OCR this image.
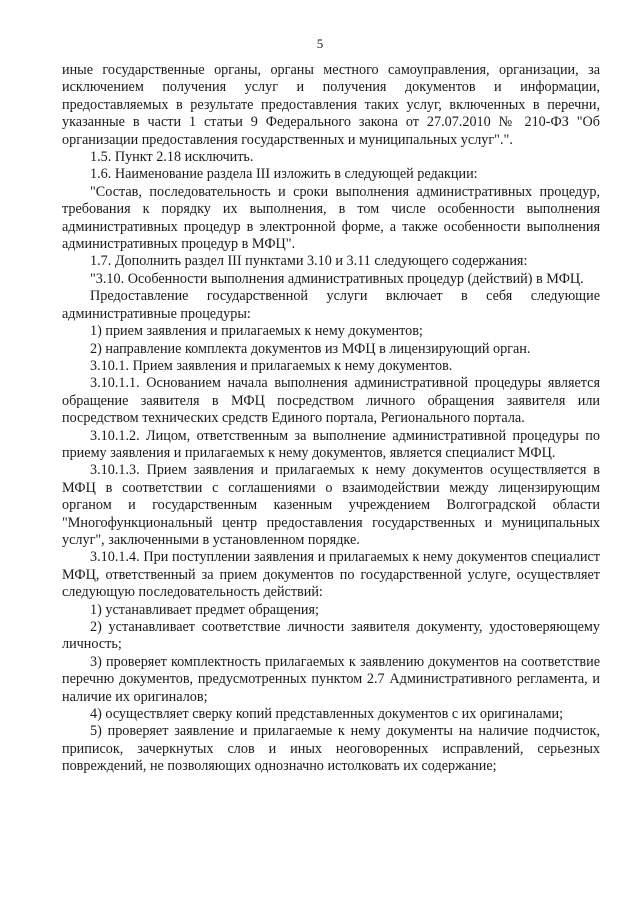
5

иные государственные органы, органы местного самоуправления, организации, за исключением получения услуг и получения документов и информации, предоставляемых в результате предоставления таких услуг, включенных в перечни, указанные в части 1 статьи 9 Федерального закона от 27.07.2010 № 210-ФЗ "Об организации предоставления государственных и муниципальных услуг".".

1.5. Пункт 2.18 исключить.

1.6. Наименование раздела III изложить в следующей редакции:

"Состав, последовательность и сроки выполнения административных процедур, требования к порядку их выполнения, в том числе особенности выполнения административных процедур в электронной форме, а также особенности выполнения административных процедур в МФЦ".

1.7. Дополнить раздел III пунктами 3.10 и 3.11 следующего содержания:

"3.10. Особенности выполнения административных процедур (действий) в МФЦ.

Предоставление государственной услуги включает в себя следующие административные процедуры:

1) прием заявления и прилагаемых к нему документов;

2) направление комплекта документов из МФЦ в лицензирующий орган.

3.10.1. Прием заявления и прилагаемых к нему документов.

3.10.1.1. Основанием начала выполнения административной процедуры является обращение заявителя в МФЦ посредством личного обращения заявителя или посредством технических средств Единого портала, Регионального портала.

3.10.1.2. Лицом, ответственным за выполнение административной процедуры по приему заявления и прилагаемых к нему документов, является специалист МФЦ.

3.10.1.3. Прием заявления и прилагаемых к нему документов осуществляется в МФЦ в соответствии с соглашениями о взаимодействии между лицензирующим органом и государственным казенным учреждением Волгоградской области "Многофункциональный центр предоставления государственных и муниципальных услуг", заключенными в установленном порядке.

3.10.1.4. При поступлении заявления и прилагаемых к нему документов специалист МФЦ, ответственный за прием документов по государственной услуге, осуществляет следующую последовательность действий:

1) устанавливает предмет обращения;

2) устанавливает соответствие личности заявителя документу, удостоверяющему личность;

3) проверяет комплектность прилагаемых к заявлению документов на соответствие перечню документов, предусмотренных пунктом 2.7 Административного регламента, и наличие их оригиналов;

4) осуществляет сверку копий представленных документов с их оригиналами;

5) проверяет заявление и прилагаемые к нему документы на наличие подчисток, приписок, зачеркнутых слов и иных неоговоренных исправлений, серьезных повреждений, не позволяющих однозначно истолковать их содержание;
